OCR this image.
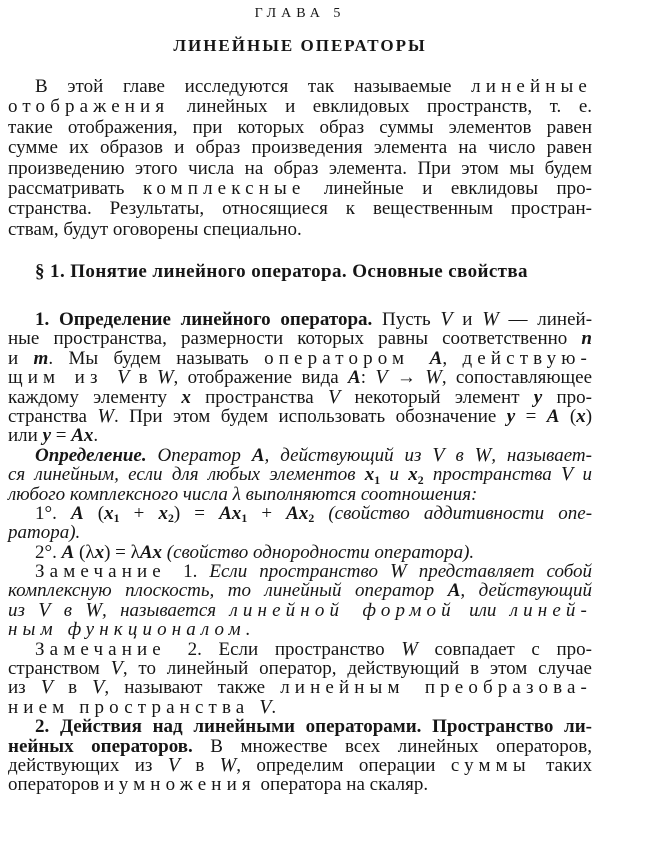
ГЛАВА 5
ЛИНЕЙНЫЕ ОПЕРАТОРЫ
В этой главе исследуются так называемые линейные
отображения линейных и евклидовых пространств, т. е.
такие отображения, при которых образ суммы элементов равен
сумме их образов и образ произведения элемента на число равен
произведению этого числа на образ элемента. При этом мы будем
рассматривать комплексные линейные и евклидовы про-
странства. Результаты, относящиеся к вещественным простран-
ствам, будут оговорены специально.
§ 1. Понятие линейного оператора. Основные свойства
1. Определение линейного оператора. Пусть V и W — линей-
ные пространства, размерности которых равны соответственно n
и m. Мы будем называть оператором A, действую-
щим из V в W, отображение вида A: V → W, сопоставляющее
каждому элементу x пространства V некоторый элемент y про-
странства W. При этом будем использовать обозначение y = A (x)
или y = Ax.
Определение. Оператор A, действующий из V в W, называет-
ся линейным, если для любых элементов x1 и x2 пространства V и
любого комплексного числа λ выполняются соотношения:
1°. A (x1 + x2) = Ax1 + Ax2 (свойство аддитивности опе-
ратора).
2°. A (λx) = λAx (свойство однородности оператора).
Замечание 1. Если пространство W представляет собой
комплексную плоскость, то линейный оператор A, действующий
из V в W, называется линейной формой или линей-
ным функционалом.
Замечание 2. Если пространство W совпадает с про-
странством V, то линейный оператор, действующий в этом случае
из V в V, называют также линейным преобразова-
нием пространства V.
2. Действия над линейными операторами. Пространство ли-
нейных операторов. В множестве всех линейных операторов,
действующих из V в W, определим операции суммы таких
операторов и умножения оператора на скаляр.
